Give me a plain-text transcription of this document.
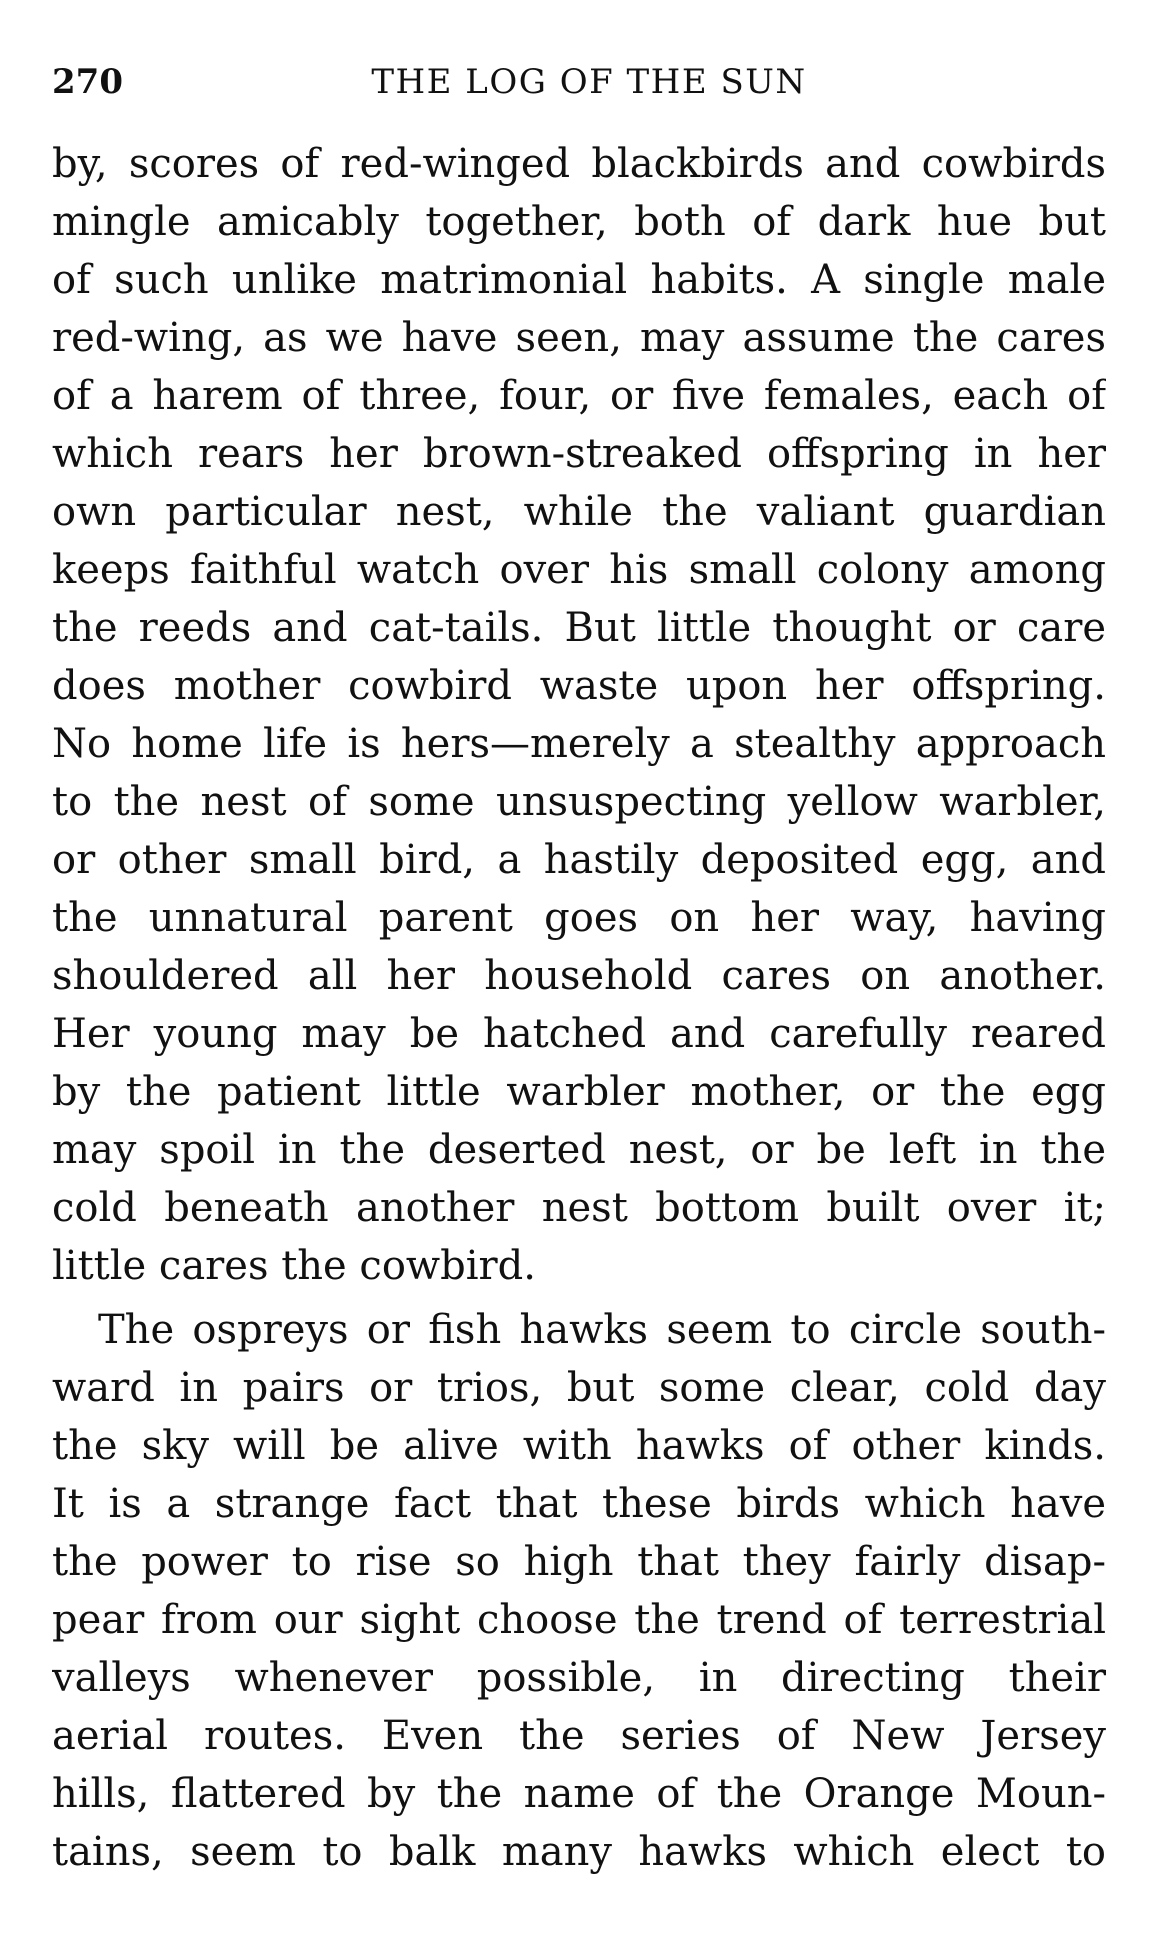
270	THE LOG OF THE SUN
by, scores of red-winged blackbirds and cowbirds
mingle amicably together, both of dark hue but
of such unlike matrimonial habits. A single male
red-wing, as we have seen, may assume the cares
of a harem of three, four, or five females, each of
which rears her brown-streaked offspring in her
own particular nest, while the valiant guardian
keeps faithful watch over his small colony among
the reeds and cat-tails. But little thought or care
does mother cowbird waste upon her offspring.
No home life is hers—merely a stealthy approach
to the nest of some unsuspecting yellow warbler,
or other small bird, a hastily deposited egg, and
the unnatural parent goes on her way, having
shouldered all her household cares on another.
Her young may be hatched and carefully reared
by the patient little warbler mother, or the egg
may spoil in the deserted nest, or be left in the
cold beneath another nest bottom built over it;
little cares the cowbird.
The ospreys or fish hawks seem to circle south-
ward in pairs or trios, but some clear, cold day
the sky will be alive with hawks of other kinds.
It is a strange fact that these birds which have
the power to rise so high that they fairly disap-
pear from our sight choose the trend of terrestrial
valleys whenever possible, in directing their
aerial routes. Even the series of New Jersey
hills, flattered by the name of the Orange Moun-
tains, seem to balk many hawks which elect to
